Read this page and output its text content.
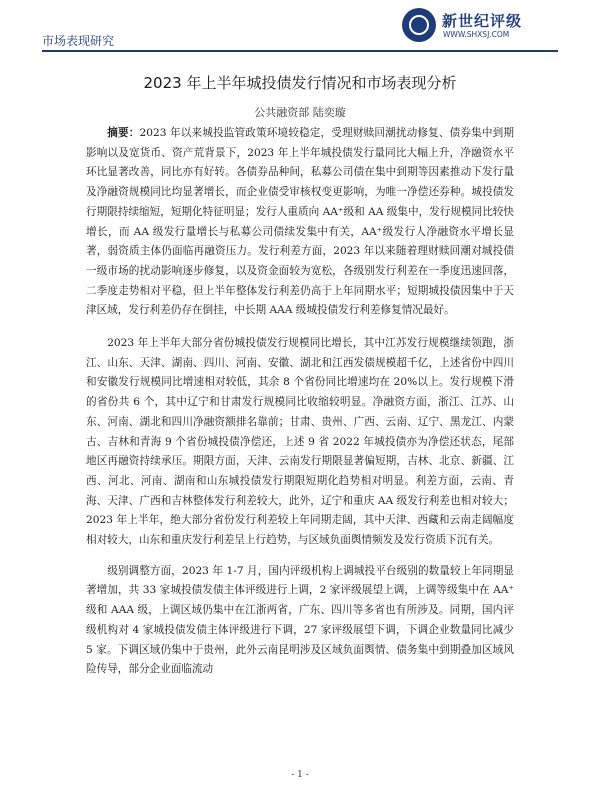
市场表现研究
新世纪评级
WWW.SHXSJ.COM
2023 年上半年城投债发行情况和市场表现分析
公共融资部 陆奕璇

摘要：2023 年以来城投监管政策环境较稳定，受理财赎回潮扰动修复、债券集中到期影响以及宽货币、资产荒背景下，2023 年上半年城投债发行量同比大幅上升，净融资水平环比显著改善，同比亦有好转。各债券品种间，私募公司债在集中到期等因素推动下发行量及净融资规模同比均显著增长，而企业债受审核权变更影响，为唯一净偿还券种。城投债发行期限持续缩短，短期化特征明显；发行人重质向 AA⁺级和 AA 级集中，发行规模同比较快增长，而 AA 级发行量增长与私募公司债续发集中有关，AA⁺级发行人净融资水平增长显著，弱资质主体仍面临再融资压力。发行利差方面，2023 年以来随着理财赎回潮对城投债一级市场的扰动影响逐步修复，以及资金面较为宽松，各级别发行利差在一季度迅速回落，二季度走势相对平稳，但上半年整体发行利差仍高于上年同期水平；短期城投债因集中于天津区域，发行利差仍存在倒挂，中长期 AAA 级城投债发行利差修复情况最好。

2023 年上半年大部分省份城投债发行规模同比增长，其中江苏发行规模继续领跑，浙江、山东、天津、湖南、四川、河南、安徽、湖北和江西发债规模超千亿，上述省份中四川和安徽发行规模同比增速相对较低，其余 8 个省份同比增速均在 20%以上。发行规模下滑的省份共 6 个，其中辽宁和甘肃发行规模同比收缩较明显。净融资方面，浙江、江苏、山东、河南、湖北和四川净融资额排名靠前；甘肃、贵州、广西、云南、辽宁、黑龙江、内蒙古、吉林和青海 9 个省份城投债净偿还，上述 9 省 2022 年城投债亦为净偿还状态，尾部地区再融资持续承压。期限方面，天津、云南发行期限显著偏短期，吉林、北京、新疆、江西、河北、河南、湖南和山东城投债发行期限短期化趋势相对明显。利差方面，云南、青海、天津、广西和吉林整体发行利差较大，此外，辽宁和重庆 AA 级发行利差也相对较大；2023 年上半年，绝大部分省份发行利差较上年同期走阔，其中天津、西藏和云南走阔幅度相对较大，山东和重庆发行利差呈上行趋势，与区域负面舆情频发及发行资质下沉有关。

级别调整方面，2023 年 1-7 月，国内评级机构上调城投平台级别的数量较上年同期显著增加，共 33 家城投债发债主体评级进行上调，2 家评级展望上调，上调等级集中在 AA⁺级和 AAA 级，上调区域仍集中在江浙两省，广东、四川等多省也有所涉及。同期，国内评级机构对 4 家城投债发债主体评级进行下调，27 家评级展望下调，下调企业数量同比减少 5 家。下调区域仍集中于贵州，此外云南昆明涉及区域负面舆情、债务集中到期叠加区域风险传导，部分企业面临流动

- 1 -
